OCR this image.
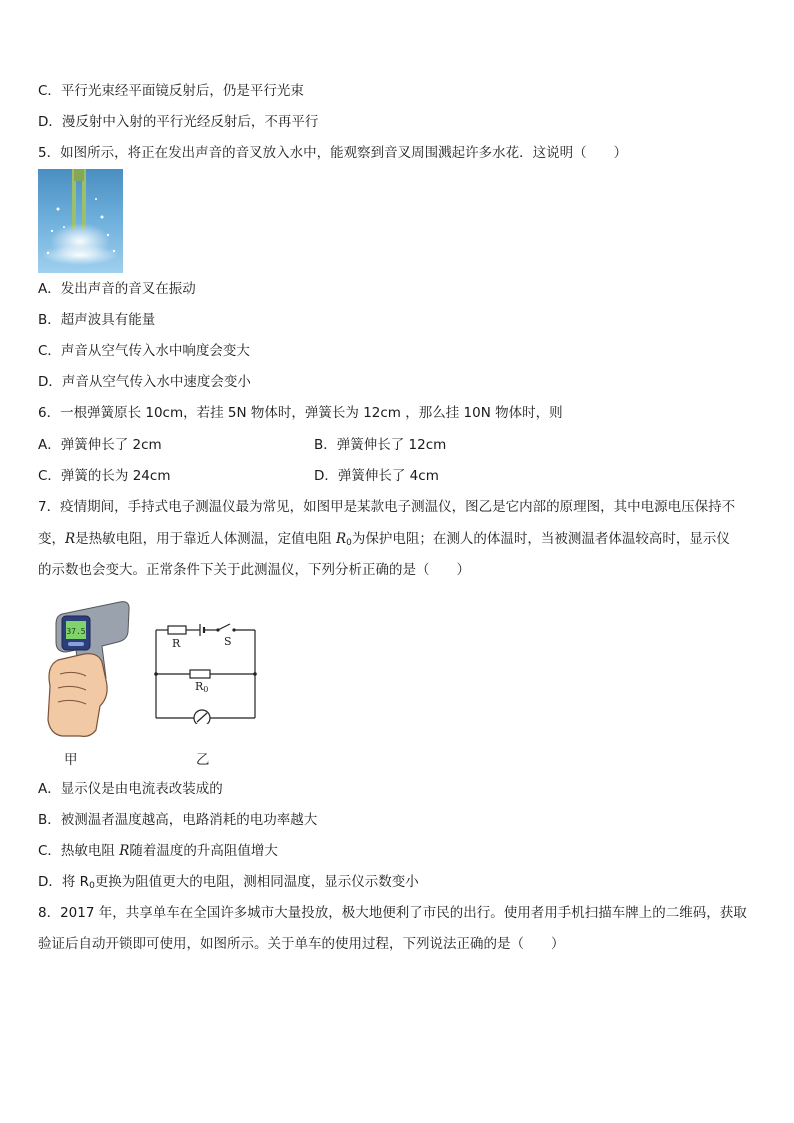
C．平行光束经平面镜反射后，仍是平行光束
D．漫反射中入射的平行光经反射后，不再平行
5．如图所示，将正在发出声音的音叉放入水中，能观察到音叉周围溅起许多水花．这说明（　　）
A．发出声音的音叉在振动
B．超声波具有能量
C．声音从空气传入水中响度会变大
D．声音从空气传入水中速度会变小
6．一根弹簧原长 10cm，若挂 5N 物体时，弹簧长为 12cm ，那么挂 10N 物体时，则
A．弹簧伸长了 2cm	B．弹簧伸长了 12cm
C．弹簧的长为 24cm	D．弹簧伸长了 4cm
7．疫情期间，手持式电子测温仪最为常见，如图甲是某款电子测温仪，图乙是它内部的原理图，其中电源电压保持不
变，R是热敏电阻，用于靠近人体测温，定值电阻 $R_0$为保护电阻；在测人的体温时，当被测温者体温较高时，显示仪
的示数也会变大。正常条件下关于此测温仪，下列分析正确的是（　　）
37.5
R	S
R0
甲	乙
A．显示仪是由电流表改装成的
B．被测温者温度越高，电路消耗的电功率越大
C．热敏电阻 R随着温度的升高阻值增大
D．将 $R_0$更换为阻值更大的电阻，测相同温度，显示仪示数变小
8．2017 年，共享单车在全国许多城市大量投放，极大地便利了市民的出行。使用者用手机扫描车牌上的二维码，获取
验证后自动开锁即可使用，如图所示。关于单车的使用过程，下列说法正确的是（　　）
